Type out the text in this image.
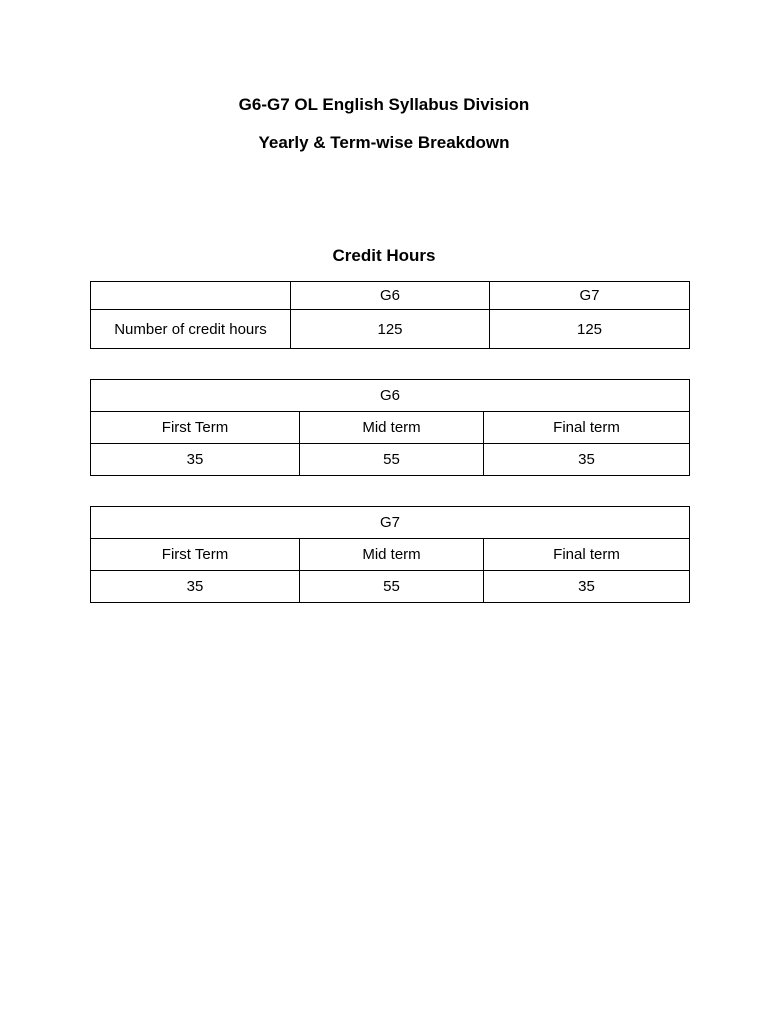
G6-G7 OL English Syllabus Division
Yearly & Term-wise Breakdown
Credit Hours
	G6	G7
Number of credit hours	125	125
G6		
First Term	Mid term	Final term
35	55	35
G7		
First Term	Mid term	Final term
35	55	35
